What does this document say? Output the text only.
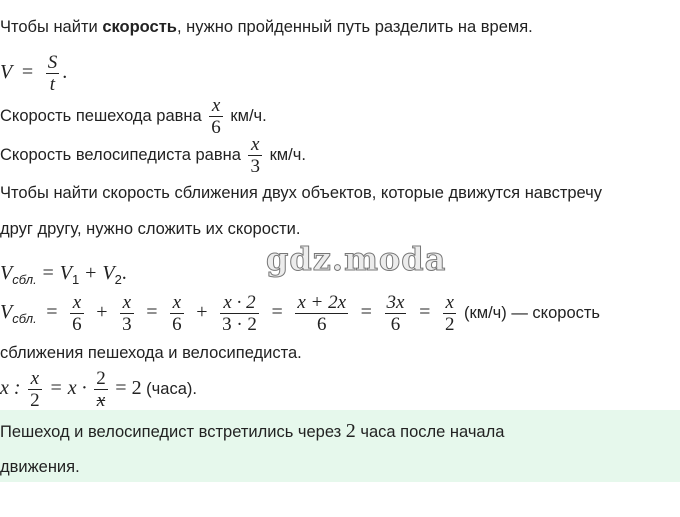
Чтобы найти скорость, нужно пройденный путь разделить на время.
$V = \frac{S}{t}$ .
Скорость пешехода равна $\frac{x}{6} км/ч$.
Скорость велосипедиста равна $\frac{x}{3} км/ч$.
Чтобы найти скорость сближения двух объектов, которые движутся навстречу
друг другу, нужно сложить их скорости.
gdz.moda
$V_{сбл.} = V_1 + V_2$.
$V_{сбл.} = \frac{x}{6} + \frac{x}{3} = \frac{x}{6} + \frac{x \cdot 2}{3 \cdot 2} = \frac{x + 2x}{6} = \frac{3x}{6} = \frac{x}{2} (км/ч)$ — скорость
сближения пешехода и велосипедиста.
x : $\frac{x}{2} = x \cdot \frac{2}{x} = 2$ (часа).
Пешеход и велосипедист встретились через 2 часа после начала
движения.
